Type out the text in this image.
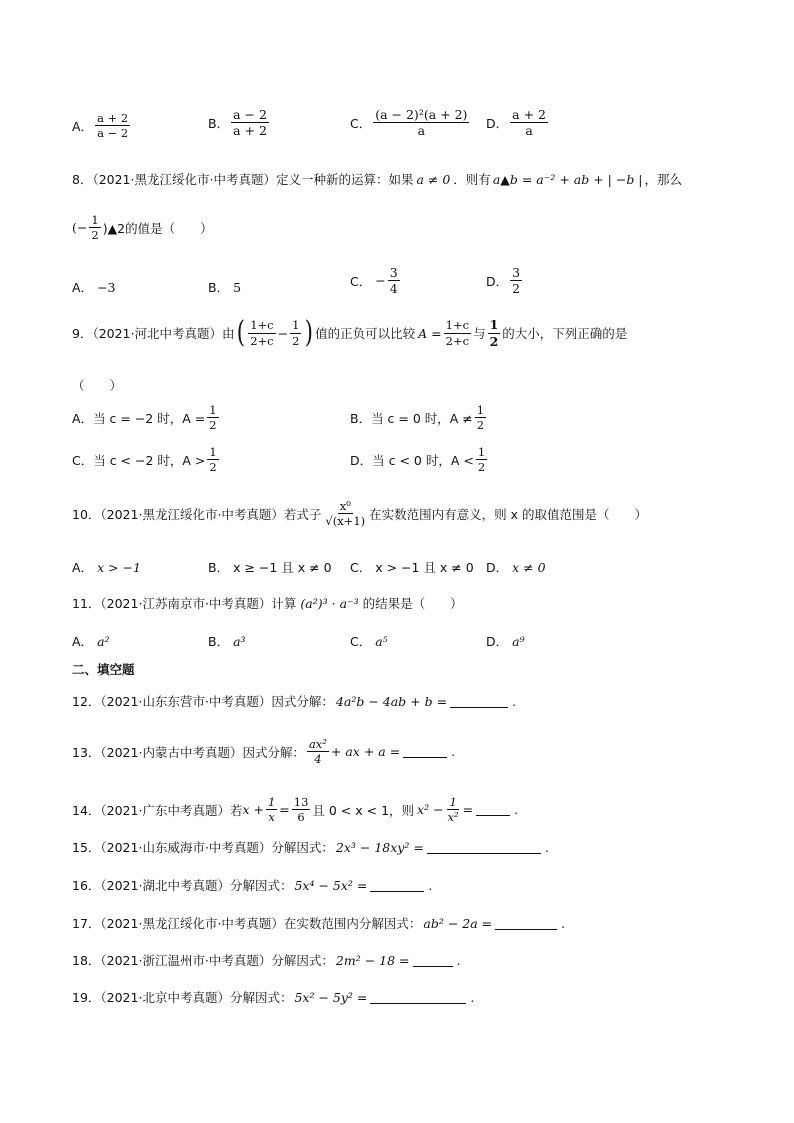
A． $\frac{a + 2}{a - 2}$	B． $\frac{a - 2}{a + 2}$	C． $\frac{\text{(a − 2)²(a + 2)}}{a}$ D． $\frac{a + 2}{a}$
8．（2021·黑龙江绥化市·中考真题）定义一种新的运算：如果 a ≠ 0 ．则有 a▲b = a⁻² + ab + | −b | ，那么
(− $\frac{1}{2}$ )▲2的值是（　　）
A． −3	B． 5	C． − $\frac{3}{4}$	D． $\frac{3}{2}$
9．（2021·河北中考真题）由 ( $\frac{1+c}{2+c} - \frac{1}{2}$ ) 值的正负可以比较 $A = \frac{1+c}{2+c}$ 与 $\frac{1}{2}$ 的大小，下列正确的是
（　　）
A． 当 c = −2 时，$A = \frac{1}{2}$	B． 当 c = 0 时，$A \ne \frac{1}{2}$
C． 当 c < −2 时，$A > \frac{1}{2}$	D． 当 c < 0 时，$A < \frac{1}{2}$
10．（2021·黑龙江绥化市·中考真题）若式子 $\frac{\text{x⁰}}{√(x+1)}$ 在实数范围内有意义，则 x 的取值范围是（　　）
A． x > −1	B． x ≥ −1 且 x ≠ 0 C． x > −1 且 x ≠ 0 D． x ≠ 0
11．（2021·江苏南京市·中考真题）计算 (a²)³ · a⁻³ 的结果是（　　）
A． a²	B． a³	C． a⁵	D． a⁹
二、填空题
12．（2021·山东东营市·中考真题）因式分解： 4a²b − 4ab + b =	.
13．（2021·内蒙古中考真题）因式分解： $\frac{\text{ax²}}{4}$ + ax + a =	.
14．（2021·广东中考真题）若 $x + \frac{1}{x} = \frac{13}{6}$ 且 0 < x < 1，则 $x^2 - \frac{1}{\text{x²}}$ =	.
15．（2021·山东威海市·中考真题）分解因式： 2x³ − 18xy² =	.
16．（2021·湖北中考真题）分解因式： 5x⁴ − 5x² =	.
17．（2021·黑龙江绥化市·中考真题）在实数范围内分解因式： ab² − 2a =	.
18．（2021·浙江温州市·中考真题）分解因式： 2m² − 18 =	.
19．（2021·北京中考真题）分解因式： 5x² − 5y² =	.
